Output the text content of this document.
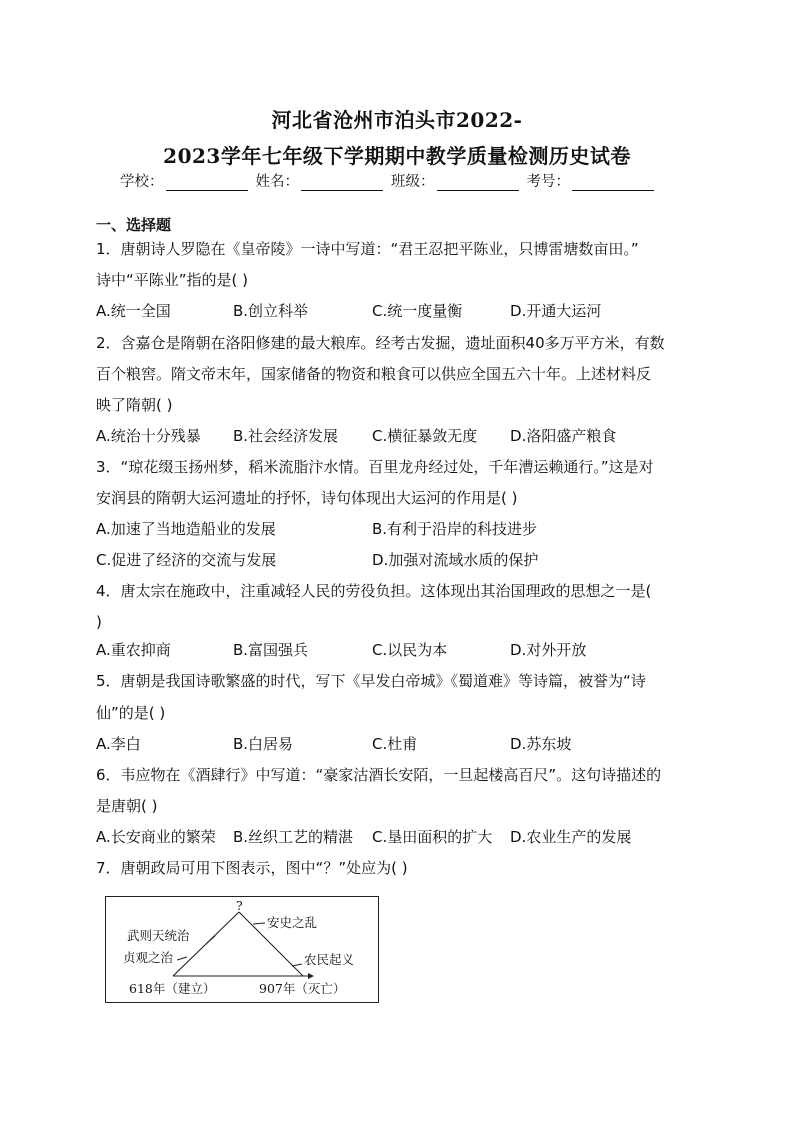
河北省沧州市泊头市2022-
2023学年七年级下学期期中教学质量检测历史试卷
学校：	姓名：	班级：	考号：
一、选择题
1．唐朝诗人罗隐在《皇帝陵》一诗中写道：“君王忍把平陈业，只博雷塘数亩田。”
诗中“平陈业”指的是( )
A.统一全国	B.创立科举	C.统一度量衡	D.开通大运河
2．含嘉仓是隋朝在洛阳修建的最大粮库。经考古发掘，遗址面积40多万平方米，有数
百个粮窖。隋文帝末年，国家储备的物资和粮食可以供应全国五六十年。上述材料反
映了隋朝( )
A.统治十分残暴 B.社会经济发展 C.横征暴敛无度 D.洛阳盛产粮食
3．“琼花缀玉扬州梦，稻米流脂汴水情。百里龙舟经过处，千年漕运赖通行。”这是对
安润县的隋朝大运河遗址的抒怀，诗句体现出大运河的作用是( )
A.加速了当地造船业的发展	B.有利于沿岸的科技进步
C.促进了经济的交流与发展	D.加强对流域水质的保护
4．唐太宗在施政中，注重减轻人民的劳役负担。这体现出其治国理政的思想之一是(
)
A.重农抑商	B.富国强兵	C.以民为本	D.对外开放
5．唐朝是我国诗歌繁盛的时代，写下《早发白帝城》《蜀道难》等诗篇，被誉为“诗
仙”的是( )
A.李白	B.白居易	C.杜甫	D.苏东坡
6．韦应物在《酒肆行》中写道：“豪家沽酒长安陌，一旦起楼高百尺”。这句诗描述的
是唐朝( )
A.长安商业的繁荣 B.丝织工艺的精湛 C.垦田面积的扩大 D.农业生产的发展
7．唐朝政局可用下图表示，图中“？”处应为( )
?
武则天统治
贞观之治
安史之乱
农民起义
618年（建立）	907年（灭亡）
